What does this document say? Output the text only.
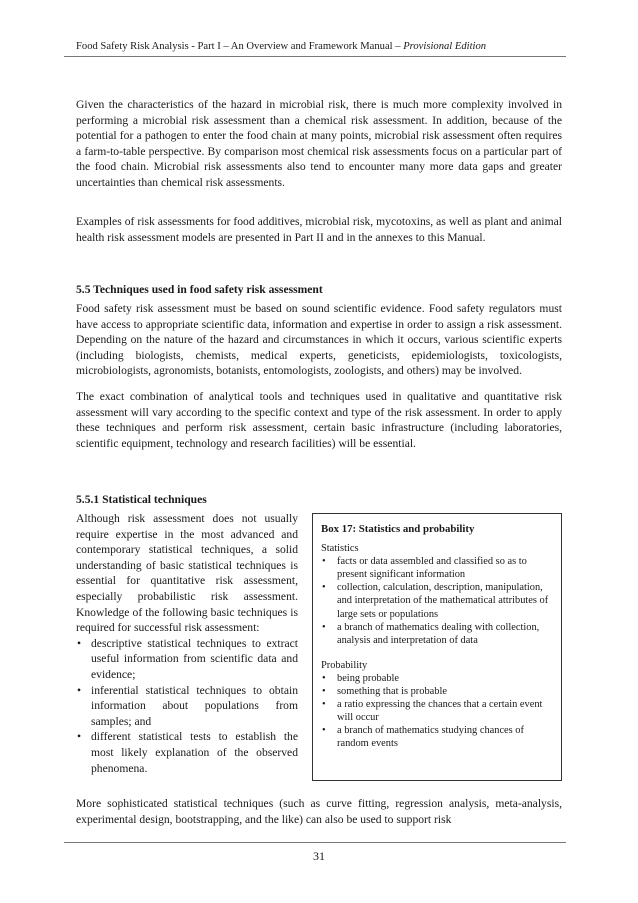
Food Safety Risk Analysis - Part I – An Overview and Framework Manual – Provisional Edition

Given the characteristics of the hazard in microbial risk, there is much more complexity involved in performing a microbial risk assessment than a chemical risk assessment. In addition, because of the potential for a pathogen to enter the food chain at many points, microbial risk assessment often requires a farm-to-table perspective. By comparison most chemical risk assessments focus on a particular part of the food chain. Microbial risk assessments also tend to encounter many more data gaps and greater uncertainties than chemical risk assessments.

Examples of risk assessments for food additives, microbial risk, mycotoxins, as well as plant and animal health risk assessment models are presented in Part II and in the annexes to this Manual.

5.5 Techniques used in food safety risk assessment

Food safety risk assessment must be based on sound scientific evidence. Food safety regulators must have access to appropriate scientific data, information and expertise in order to assign a risk assessment. Depending on the nature of the hazard and circumstances in which it occurs, various scientific experts (including biologists, chemists, medical experts, geneticists, epidemiologists, toxicologists, microbiologists, agronomists, botanists, entomologists, zoologists, and others) may be involved.

The exact combination of analytical tools and techniques used in qualitative and quantitative risk assessment will vary according to the specific context and type of the risk assessment. In order to apply these techniques and perform risk assessment, certain basic infrastructure (including laboratories, scientific equipment, technology and research facilities) will be essential.

5.5.1 Statistical techniques

Although risk assessment does not usually require expertise in the most advanced and contemporary statistical techniques, a solid understanding of basic statistical techniques is essential for quantitative risk assessment, especially probabilistic risk assessment. Knowledge of the following basic techniques is required for successful risk assessment:
• descriptive statistical techniques to extract useful information from scientific data and evidence;
• inferential statistical techniques to obtain information about populations from samples; and
• different statistical tests to establish the most likely explanation of the observed phenomena.
Box 17: Statistics and probability
Statistics
• facts or data assembled and classified so as to present significant information
• collection, calculation, description, manipulation, and interpretation of the mathematical attributes of large sets or populations
• a branch of mathematics dealing with collection, analysis and interpretation of data
Probability
• being probable
• something that is probable
• a ratio expressing the chances that a certain event will occur
• a branch of mathematics studying chances of random events

More sophisticated statistical techniques (such as curve fitting, regression analysis, meta-analysis, experimental design, bootstrapping, and the like) can also be used to support risk

31
